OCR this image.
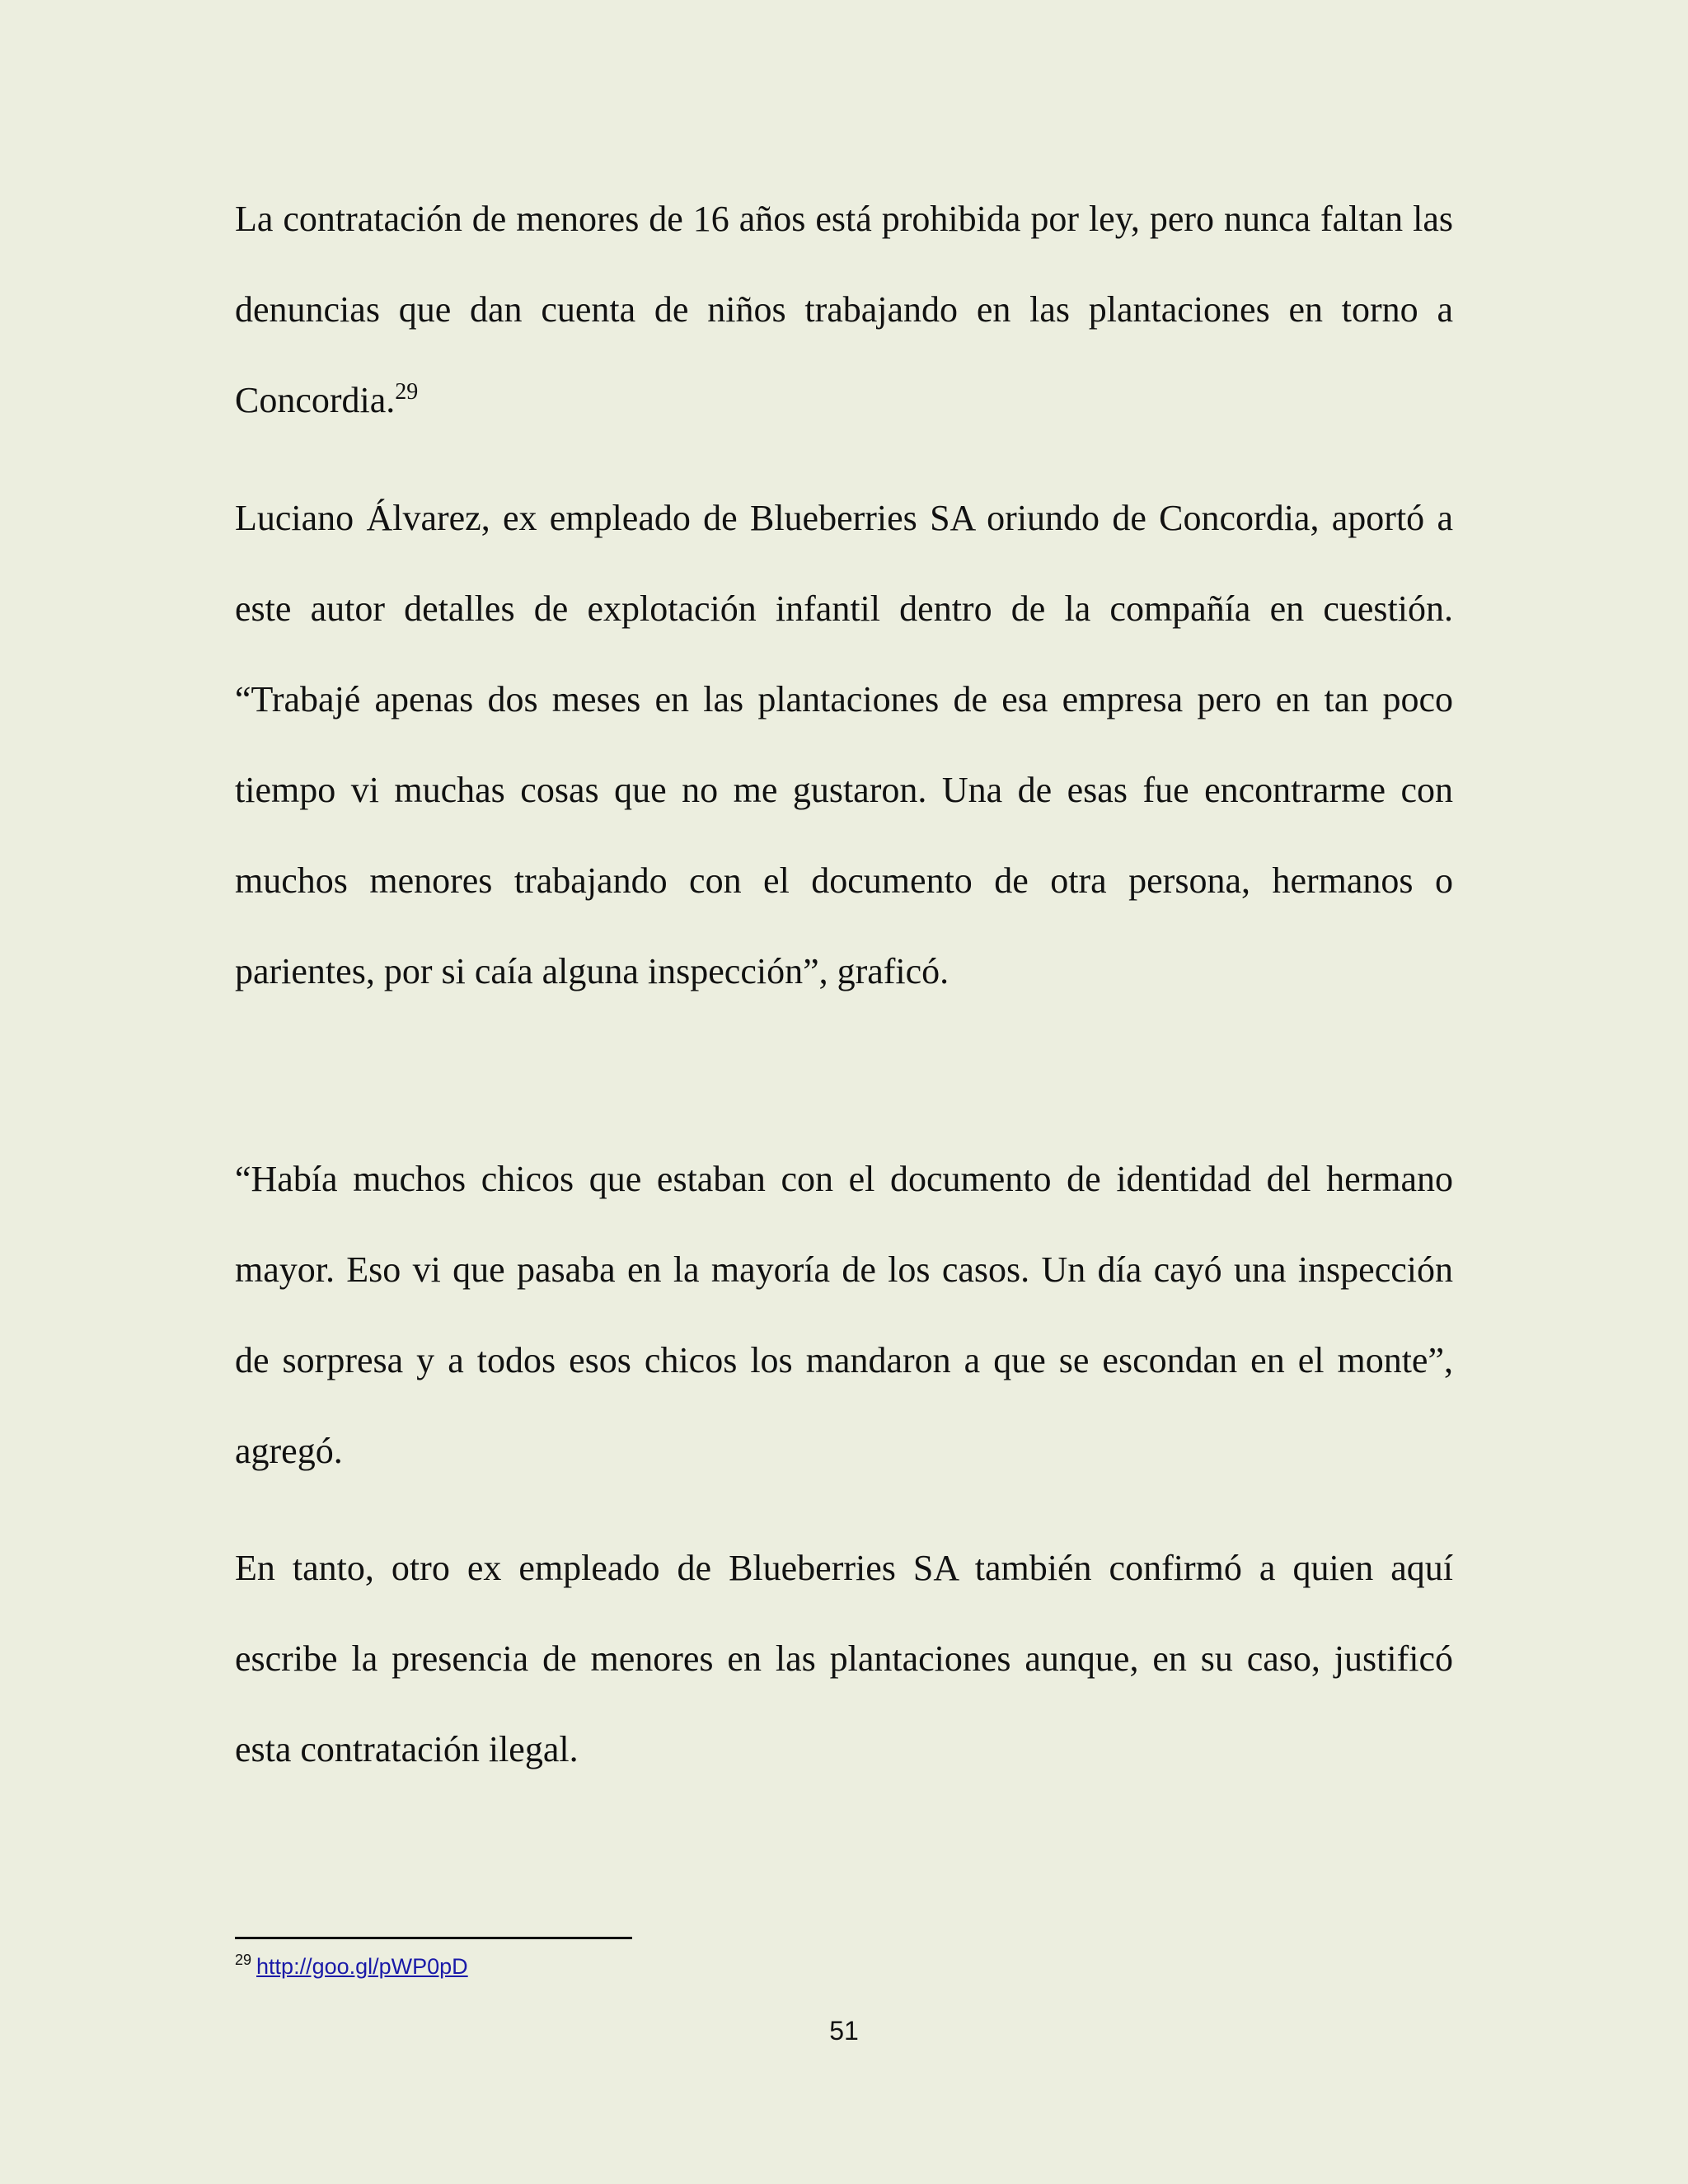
La contratación de menores de 16 años está prohibida por ley, pero nunca faltan las denuncias que dan cuenta de niños trabajando en las plantaciones en torno a Concordia.$^{29}$

Luciano Álvarez, ex empleado de Blueberries SA oriundo de Concordia, aportó a este autor detalles de explotación infantil dentro de la compañía en cuestión. “Trabajé apenas dos meses en las plantaciones de esa empresa pero en tan poco tiempo vi muchas cosas que no me gustaron. Una de esas fue encontrarme con muchos menores trabajando con el documento de otra persona, hermanos o parientes, por si caía alguna inspección”, graficó.

“Había muchos chicos que estaban con el documento de identidad del hermano mayor. Eso vi que pasaba en la mayoría de los casos. Un día cayó una inspección de sorpresa y a todos esos chicos los mandaron a que se escondan en el monte”, agregó.

En tanto, otro ex empleado de Blueberries SA también confirmó a quien aquí escribe la presencia de menores en las plantaciones aunque, en su caso, justificó esta contratación ilegal.

$^{29}$ http://goo.gl/pWP0pD
51
